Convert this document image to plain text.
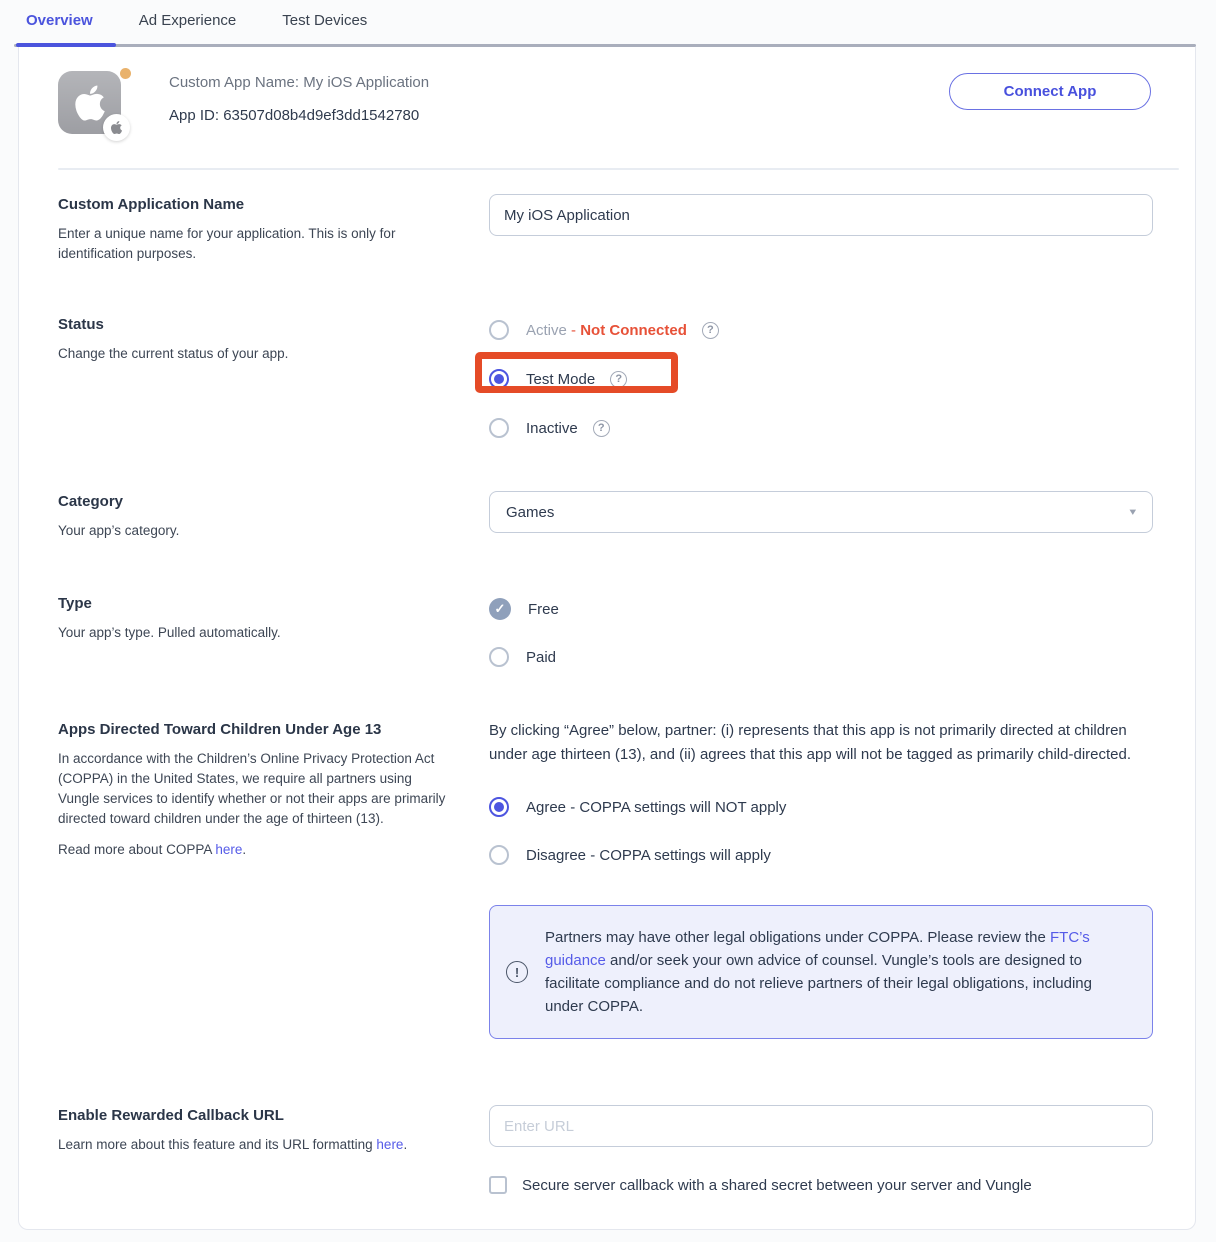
Overview	Ad Experience	Test Devices
Custom App Name: My iOS Application
App ID: 63507d08b4d9ef3dd1542780
Connect App
Custom Application Name

Enter a unique name for your application. This is only for identification purposes.

My iOS Application
Status

Change the current status of your app.

Active - Not Connected	?
Test Mode	?
Inactive	?
Category

Your app’s category.

Games	▾
Type

Your app’s type. Pulled automatically.

✓	Free
Paid
Apps Directed Toward Children Under Age 13

In accordance with the Children’s Online Privacy Protection Act (COPPA) in the United States, we require all partners using Vungle services to identify whether or not their apps are primarily directed toward children under the age of thirteen (13).

Read more about COPPA here.

By clicking “Agree” below, partner: (i) represents that this app is not primarily directed at children under age thirteen (13), and (ii) agrees that this app will not be tagged as primarily child-directed.
Agree - COPPA settings will NOT apply
Disagree - COPPA settings will apply
!
Partners may have other legal obligations under COPPA. Please review the FTC’s guidance and/or seek your own advice of counsel. Vungle’s tools are designed to facilitate compliance and do not relieve partners of their legal obligations, including under COPPA.
Enable Rewarded Callback URL

Learn more about this feature and its URL formatting here.

Enter URL
Secure server callback with a shared secret between your server and Vungle
